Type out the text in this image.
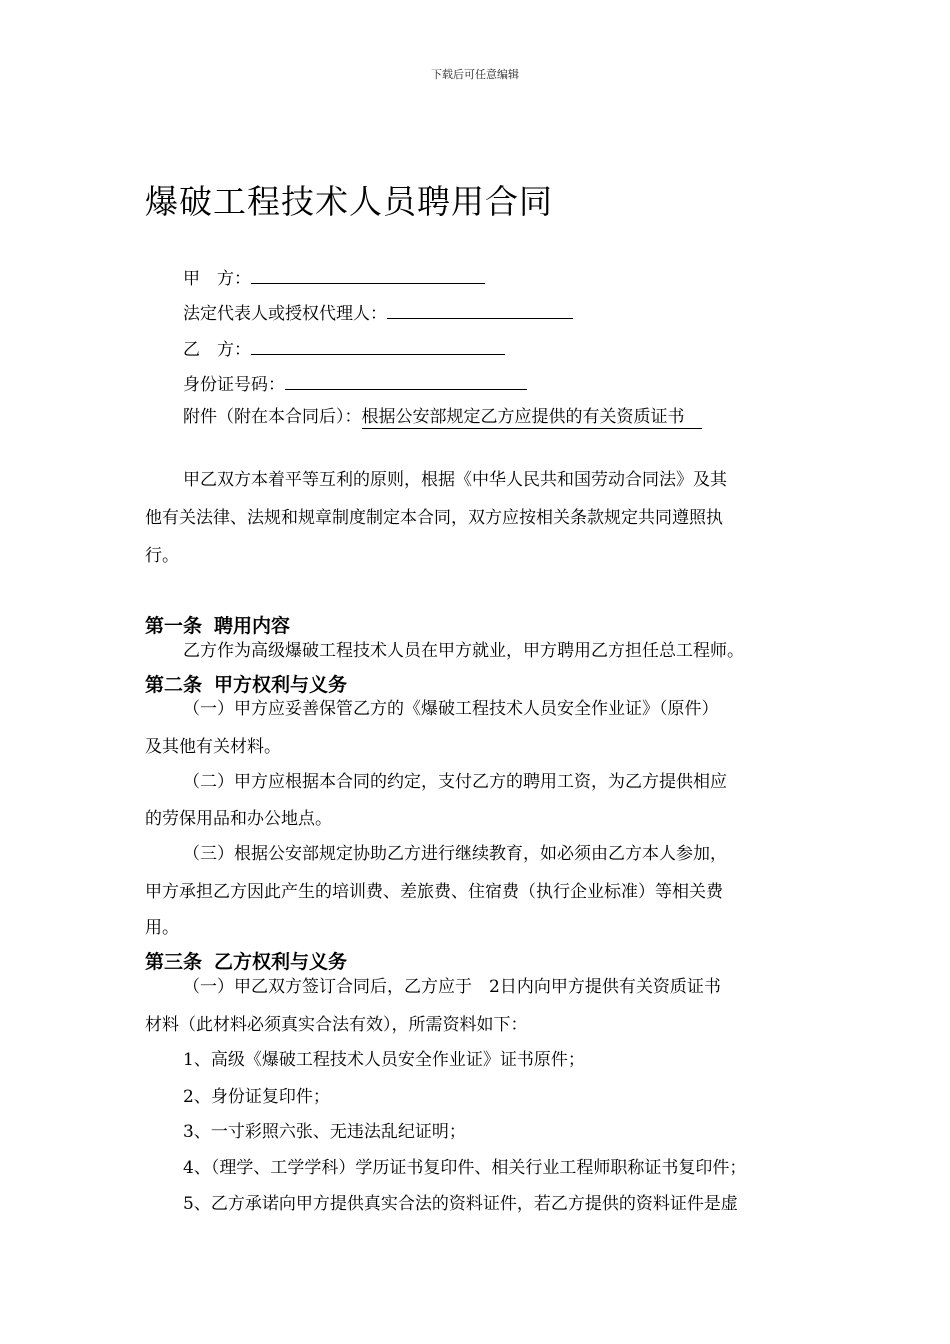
下载后可任意编辑
爆破工程技术人员聘用合同
甲　方：
法定代表人或授权代理人：
乙　方：
身份证号码：
附件（附在本合同后）：根据公安部规定乙方应提供的有关资质证书　
甲乙双方本着平等互利的原则，根据《中华人民共和国劳动合同法》及其
他有关法律、法规和规章制度制定本合同，双方应按相关条款规定共同遵照执
行。
第一条 聘用内容
乙方作为高级爆破工程技术人员在甲方就业，甲方聘用乙方担任总工程师。
第二条 甲方权利与义务
（一）甲方应妥善保管乙方的《爆破工程技术人员安全作业证》（原件）
及其他有关材料。
（二）甲方应根据本合同的约定，支付乙方的聘用工资，为乙方提供相应
的劳保用品和办公地点。
（三）根据公安部规定协助乙方进行继续教育，如必须由乙方本人参加，
甲方承担乙方因此产生的培训费、差旅费、住宿费（执行企业标准）等相关费
用。
第三条 乙方权利与义务
（一）甲乙双方签订合同后，乙方应于　2日内向甲方提供有关资质证书
材料（此材料必须真实合法有效），所需资料如下：
1、高级《爆破工程技术人员安全作业证》证书原件；
2、身份证复印件；
3、一寸彩照六张、无违法乱纪证明；
4、（理学、工学学科）学历证书复印件、相关行业工程师职称证书复印件；
5、乙方承诺向甲方提供真实合法的资料证件，若乙方提供的资料证件是虚
